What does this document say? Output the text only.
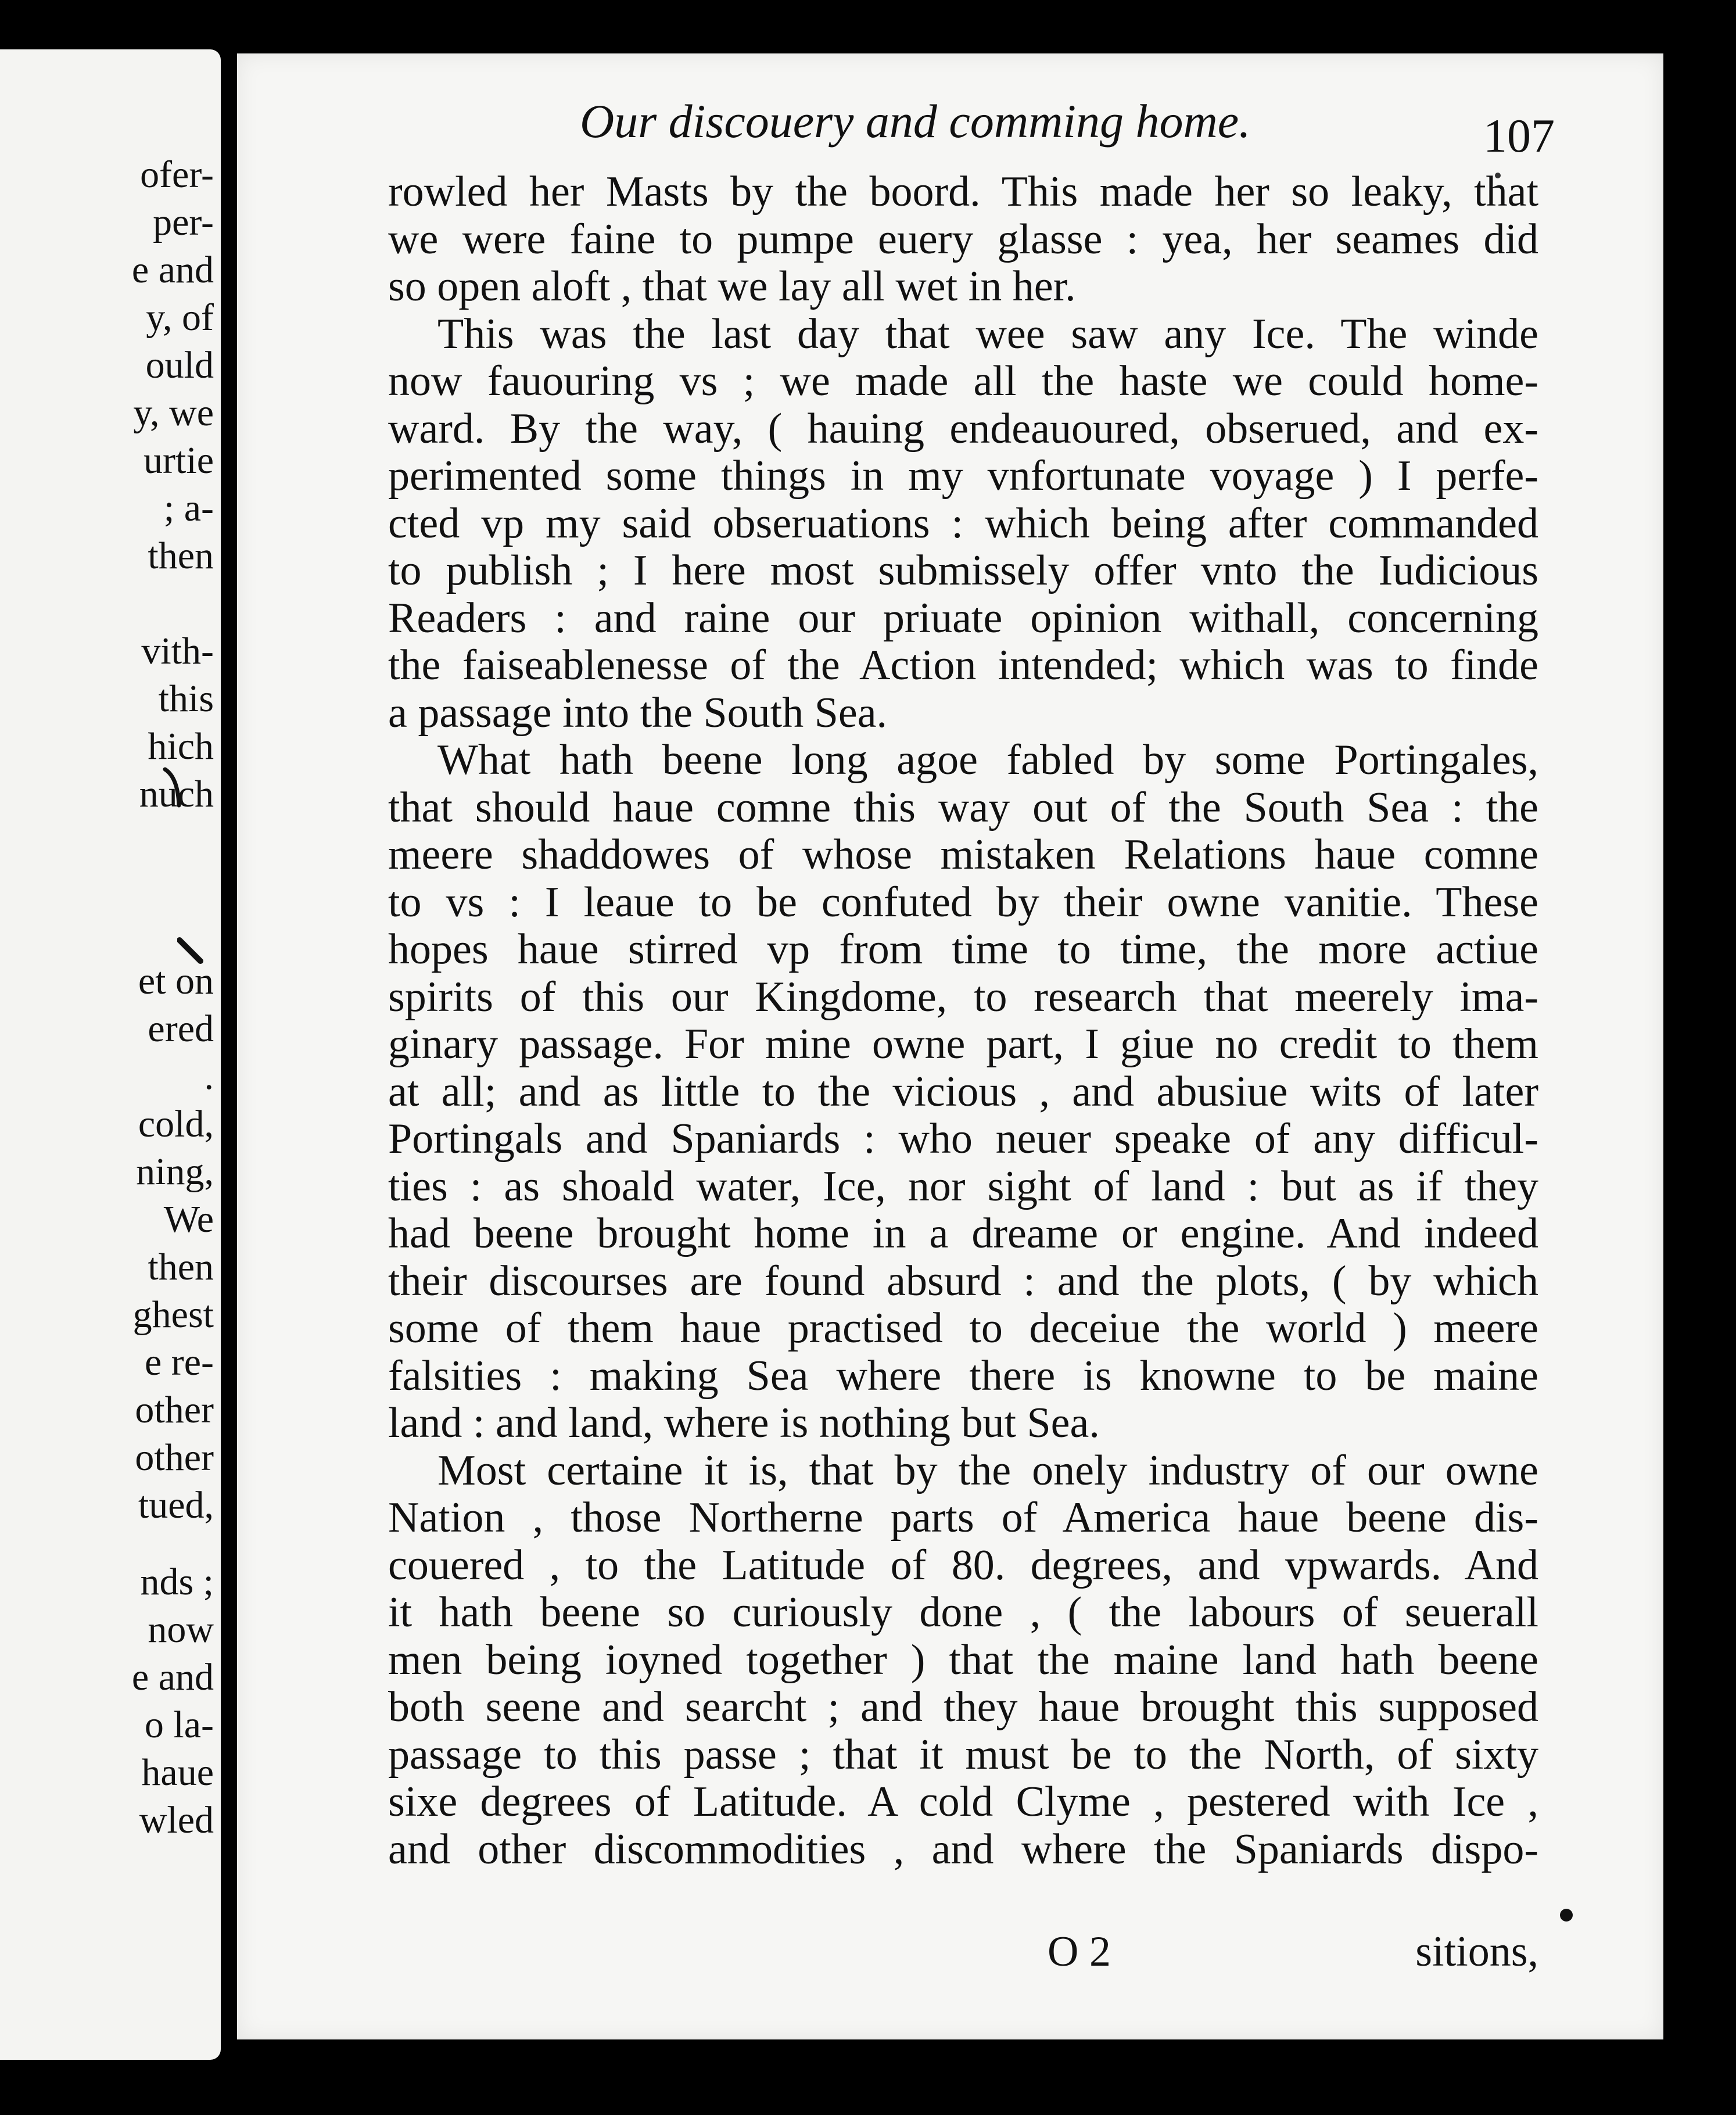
ofer-
per-
e and
y, of
ould
y, we
urtie
; a-
then
vith-
this
hich
nuch
et on
ered
.
cold,
ning,
We
then
ghest
e re-
other
other
tued,
nds ;
now
e and
o la-
haue
wled
Our discouery and comming home.	107
rowled her Masts by the boord. This made her so leaky, that
we were faine to pumpe euery glasse : yea, her seames did
so open aloft , that we lay all wet in her.
This was the last day that wee saw any Ice. The winde
now fauouring vs ; we made all the haste we could home-
ward. By the way, ( hauing endeauoured, obserued, and ex-
perimented some things in my vnfortunate voyage ) I perfe-
cted vp my said obseruations : which being after commanded
to publish ; I here most submissely offer vnto the Iudicious
Readers : and raine our priuate opinion withall, concerning
the faiseablenesse of the Action intended; which was to finde
a passage into the South Sea.
What hath beene long agoe fabled by some Portingales,
that should haue comne this way out of the South Sea : the
meere shaddowes of whose mistaken Relations haue comne
to vs : I leaue to be confuted by their owne vanitie. These
hopes haue stirred vp from time to time, the more actiue
spirits of this our Kingdome, to research that meerely ima-
ginary passage. For mine owne part, I giue no credit to them
at all; and as little to the vicious , and abusiue wits of later
Portingals and Spaniards : who neuer speake of any difficul-
ties : as shoald water, Ice, nor sight of land : but as if they
had beene brought home in a dreame or engine. And indeed
their discourses are found absurd : and the plots, ( by which
some of them haue practised to deceiue the world ) meere
falsities : making Sea where there is knowne to be maine
land : and land, where is nothing but Sea.
Most certaine it is, that by the onely industry of our owne
Nation , those Northerne parts of America haue beene dis-
couered , to the Latitude of 80. degrees, and vpwards. And
it hath beene so curiously done , ( the labours of seuerall
men being ioyned together ) that the maine land hath beene
both seene and searcht ; and they haue brought this supposed
passage to this passe ; that it must be to the North, of sixty
sixe degrees of Latitude. A cold Clyme , pestered with Ice ,
and other discommodities , and where the Spaniards dispo-
O 2	sitions,
